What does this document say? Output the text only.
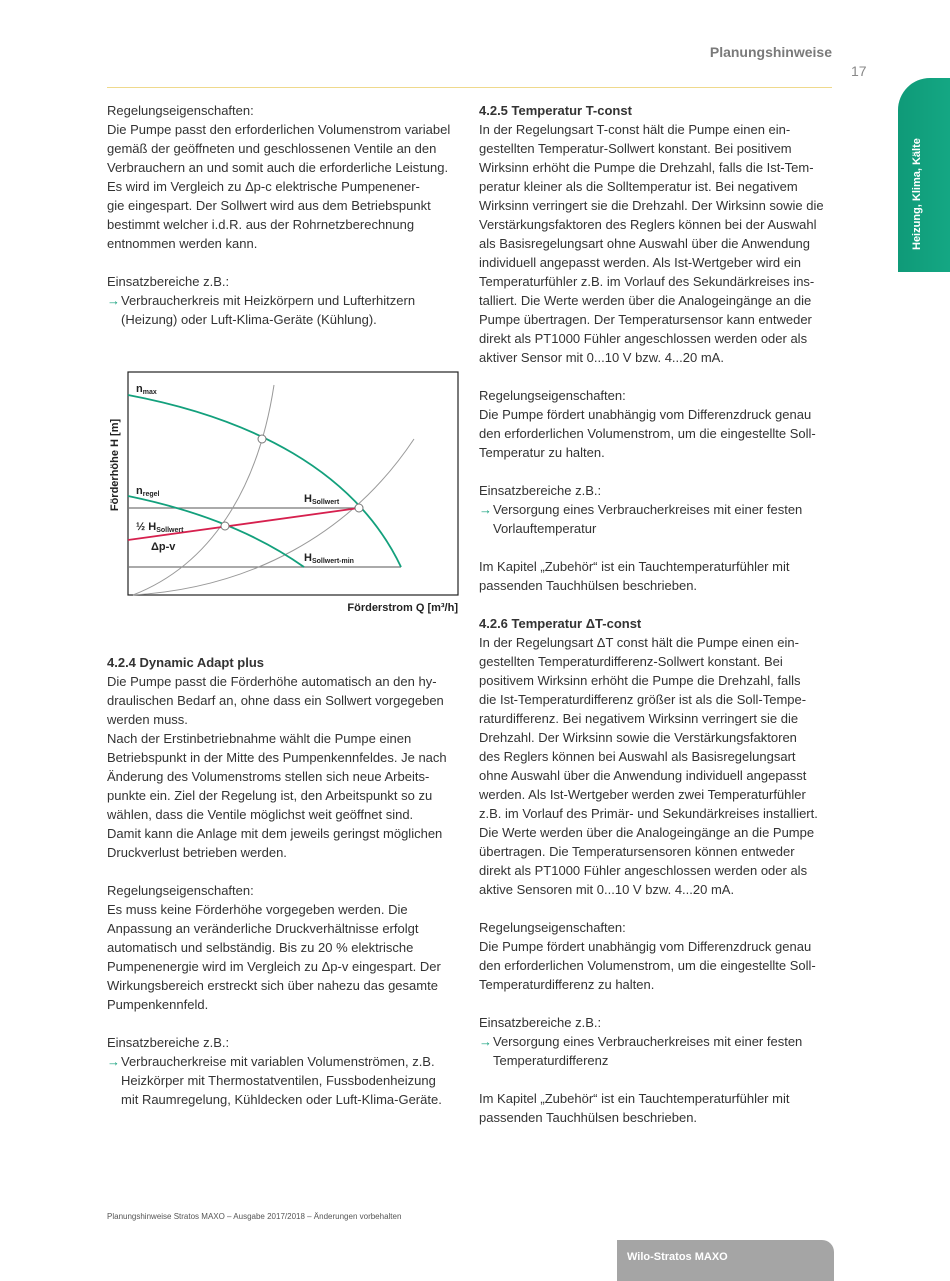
Planungshinweise
17
Heizung, Klima, Kälte
Regelungseigenschaften:
Die Pumpe passt den erforderlichen Volumenstrom variabel
gemäß der geöffneten und geschlossenen Ventile an den
Verbrauchern an und somit auch die erforderliche Leistung.
Es wird im Vergleich zu Δp-c elektrische Pumpenener-
gie eingespart. Der Sollwert wird aus dem Betriebspunkt
bestimmt welcher i.d.R. aus der Rohrnetzberechnung
entnommen werden kann.
Einsatzbereiche z.B.:
→ Verbraucherkreis mit Heizkörpern und Lufterhitzern
(Heizung) oder Luft-Klima-Geräte (Kühlung).
nmax
nregel	HSollwert
½ HSollwert
Δp-v
HSollwert-min
Förderstrom Q [m³/h]
Förderhöhe H [m]
4.2.4 Dynamic Adapt plus
Die Pumpe passt die Förderhöhe automatisch an den hy-
draulischen Bedarf an, ohne dass ein Sollwert vorgegeben
werden muss.
Nach der Erstinbetriebnahme wählt die Pumpe einen
Betriebspunkt in der Mitte des Pumpenkennfeldes. Je nach
Änderung des Volumenstroms stellen sich neue Arbeits-
punkte ein. Ziel der Regelung ist, den Arbeitspunkt so zu
wählen, dass die Ventile möglichst weit geöffnet sind.
Damit kann die Anlage mit dem jeweils geringst möglichen
Druckverlust betrieben werden.
Regelungseigenschaften:
Es muss keine Förderhöhe vorgegeben werden. Die
Anpassung an veränderliche Druckverhältnisse erfolgt
automatisch und selbständig. Bis zu 20 % elektrische
Pumpenenergie wird im Vergleich zu Δp-v eingespart. Der
Wirkungsbereich erstreckt sich über nahezu das gesamte
Pumpenkennfeld.
Einsatzbereiche z.B.:
→ Verbraucherkreise mit variablen Volumenströmen, z.B.
Heizkörper mit Thermostatventilen, Fussbodenheizung
mit Raumregelung, Kühldecken oder Luft-Klima-Geräte.
4.2.5 Temperatur T-const
In der Regelungsart T-const hält die Pumpe einen ein-
gestellten Temperatur-Sollwert konstant. Bei positivem
Wirksinn erhöht die Pumpe die Drehzahl, falls die Ist-Tem-
peratur kleiner als die Solltemperatur ist. Bei negativem
Wirksinn verringert sie die Drehzahl. Der Wirksinn sowie die
Verstärkungsfaktoren des Reglers können bei der Auswahl
als Basisregelungsart ohne Auswahl über die Anwendung
individuell angepasst werden. Als Ist-Wertgeber wird ein
Temperaturfühler z.B. im Vorlauf des Sekundärkreises ins-
talliert. Die Werte werden über die Analogeingänge an die
Pumpe übertragen. Der Temperatursensor kann entweder
direkt als PT1000 Fühler angeschlossen werden oder als
aktiver Sensor mit 0...10 V bzw. 4...20 mA.
Regelungseigenschaften:
Die Pumpe fördert unabhängig vom Differenzdruck genau
den erforderlichen Volumenstrom, um die eingestellte Soll-
Temperatur zu halten.
Einsatzbereiche z.B.:
→ Versorgung eines Verbraucherkreises mit einer festen
Vorlauftemperatur
Im Kapitel „Zubehör“ ist ein Tauchtemperaturfühler mit
passenden Tauchhülsen beschrieben.
4.2.6 Temperatur ΔT-const
In der Regelungsart ΔT const hält die Pumpe einen ein-
gestellten Temperaturdifferenz-Sollwert konstant. Bei
positivem Wirksinn erhöht die Pumpe die Drehzahl, falls
die Ist-Temperaturdifferenz größer ist als die Soll-Tempe-
raturdifferenz. Bei negativem Wirksinn verringert sie die
Drehzahl. Der Wirksinn sowie die Verstärkungsfaktoren
des Reglers können bei Auswahl als Basisregelungsart
ohne Auswahl über die Anwendung individuell angepasst
werden. Als Ist-Wertgeber werden zwei Temperaturfühler
z.B. im Vorlauf des Primär- und Sekundärkreises installiert.
Die Werte werden über die Analogeingänge an die Pumpe
übertragen. Die Temperatursensoren können entweder
direkt als PT1000 Fühler angeschlossen werden oder als
aktive Sensoren mit 0...10 V bzw. 4...20 mA.
Regelungseigenschaften:
Die Pumpe fördert unabhängig vom Differenzdruck genau
den erforderlichen Volumenstrom, um die eingestellte Soll-
Temperaturdifferenz zu halten.
Einsatzbereiche z.B.:
→ Versorgung eines Verbraucherkreises mit einer festen
Temperaturdifferenz
Im Kapitel „Zubehör“ ist ein Tauchtemperaturfühler mit
passenden Tauchhülsen beschrieben.
Planungshinweise Stratos MAXO – Ausgabe 2017/2018 – Änderungen vorbehalten
Wilo-Stratos MAXO
